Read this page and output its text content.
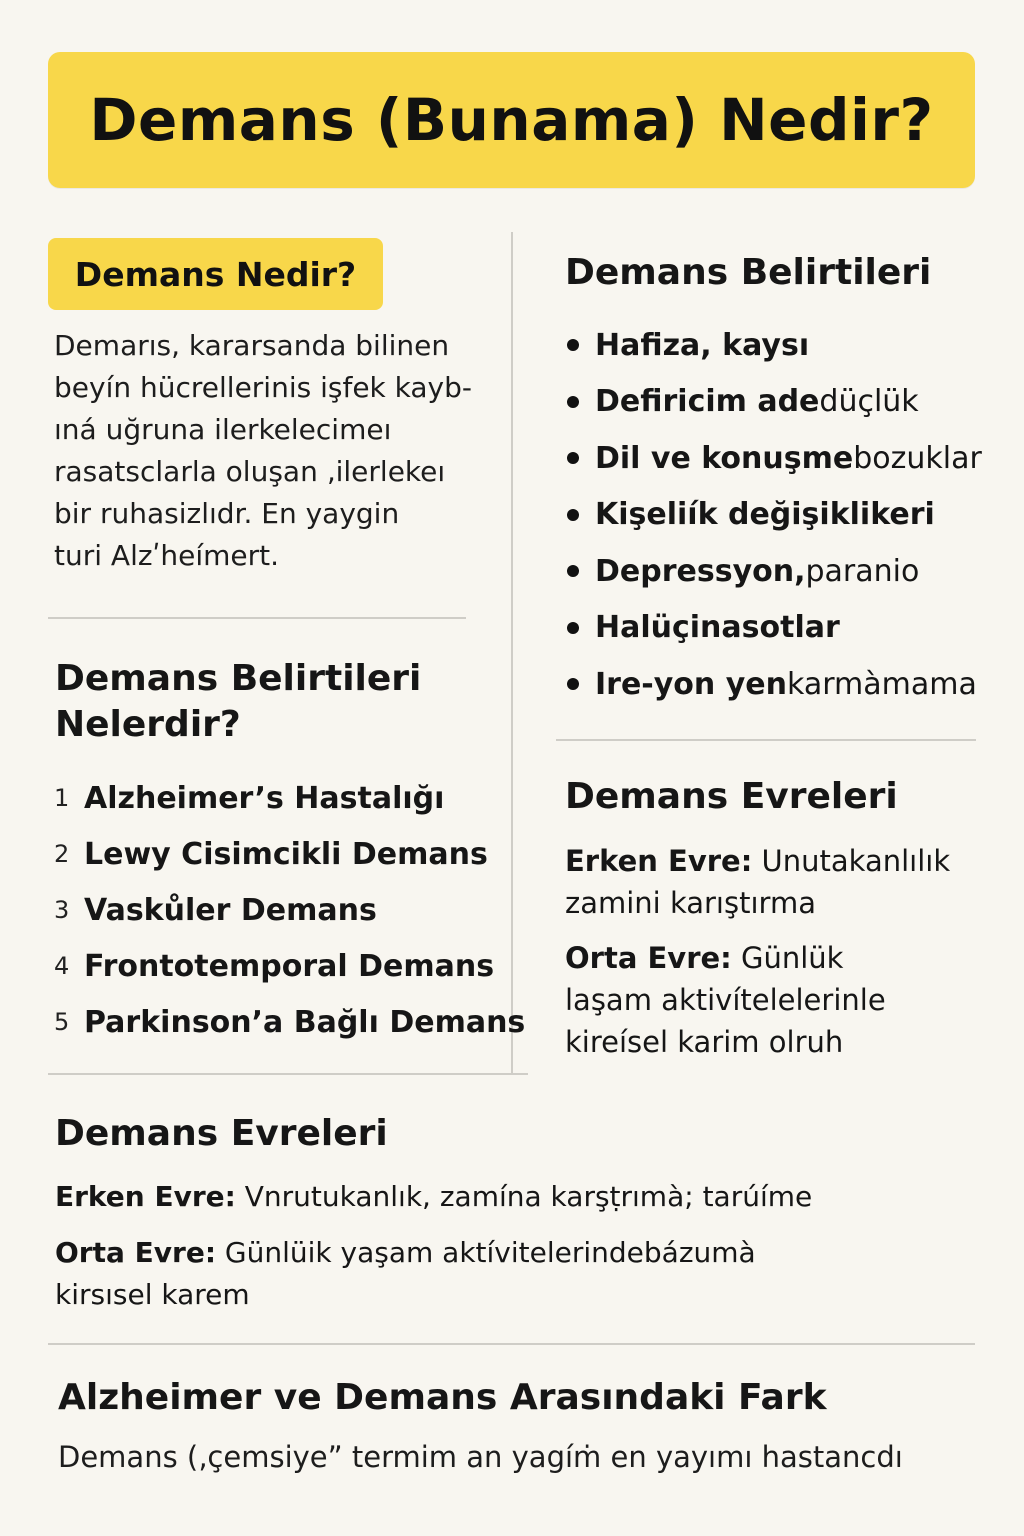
Demans (Bunama) Nedir?
Demans Nedir?
Demarıs, kararsanda bilinen
beyín hücrellerinis işfek kayb-
ıná uğruna ilerkelecimeı
rasatsclarla oluşan ‚ilerlekeı
bir ruhasizlıdr. En yaygin
turi Alzʹheímert.
Demans Belirtileri
Nelerdir?
1 Alzheimer’s Hastalığı
2 Lewy Cisimcikli Demans
3 Vaskůler Demans
4 Frontotemporal Demans
5 Parkinson’a Bağlı Demans
Demans Belirtileri
Hafiza, kaysı
Defiricim ade düçlük
Dil ve konuşme bozuklar
Kişeliík değişiklikeri
Depressyon, paranio
Halüçinasotlar
Ire-yon yen karmàmama
Demans Evreleri
Erken Evre: Unutakanlılık
zamini karıştırma
Orta Evre: Günlük
laşam aktivítelelerinle
kireísel karim olruh
Demans Evreleri
Erken Evre: Vnrutukanlık, zamína karşṭrımà; tarúíme
Orta Evre: Günlüik yaşam aktívitelerindebázumà
kirsısel karem
Alzheimer ve Demans Arasındaki Fark
Demans (‚çemsiye” termim an yagíṁ en yayımı hastancdı
